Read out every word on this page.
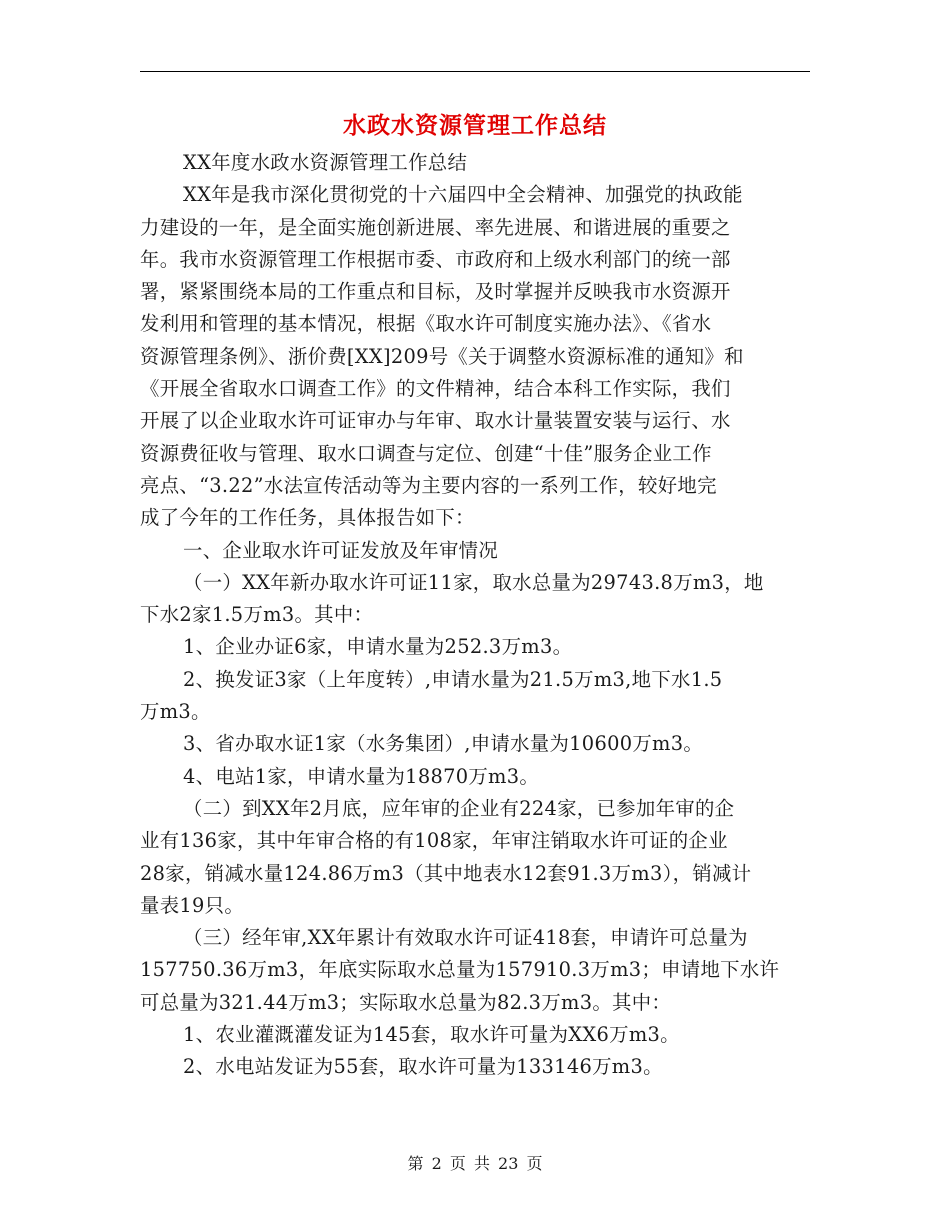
水政水资源管理工作总结
XX年度水政水资源管理工作总结
XX年是我市深化贯彻党的十六届四中全会精神、加强党的执政能
力建设的一年，是全面实施创新进展、率先进展、和谐进展的重要之
年。我市水资源管理工作根据市委、市政府和上级水利部门的统一部
署，紧紧围绕本局的工作重点和目标，及时掌握并反映我市水资源开
发利用和管理的基本情况，根据《取水许可制度实施办法》、《省水
资源管理条例》、浙价费[XX]209号《关于调整水资源标准的通知》和
《开展全省取水口调查工作》的文件精神，结合本科工作实际，我们
开展了以企业取水许可证审办与年审、取水计量装置安装与运行、水
资源费征收与管理、取水口调查与定位、创建“十佳”服务企业工作
亮点、“3.22”水法宣传活动等为主要内容的一系列工作，较好地完
成了今年的工作任务，具体报告如下：
一、企业取水许可证发放及年审情况
（一）XX年新办取水许可证11家，取水总量为29743.8万m3，地
下水2家1.5万m3。其中：
1、企业办证6家，申请水量为252.3万m3。
2、换发证3家（上年度转）,申请水量为21.5万m3,地下水1.5
万m3。
3、省办取水证1家（水务集团）,申请水量为10600万m3。
4、电站1家，申请水量为18870万m3。
（二）到XX年2月底，应年审的企业有224家，已参加年审的企
业有136家，其中年审合格的有108家，年审注销取水许可证的企业
28家，销减水量124.86万m3（其中地表水12套91.3万m3），销减计
量表19只。
（三）经年审,XX年累计有效取水许可证418套，申请许可总量为
157750.36万m3，年底实际取水总量为157910.3万m3；申请地下水许
可总量为321.44万m3；实际取水总量为82.3万m3。其中：
1、农业灌溉灌发证为145套，取水许可量为XX6万m3。
2、水电站发证为55套，取水许可量为133146万m3。
第 2 页 共 23 页
